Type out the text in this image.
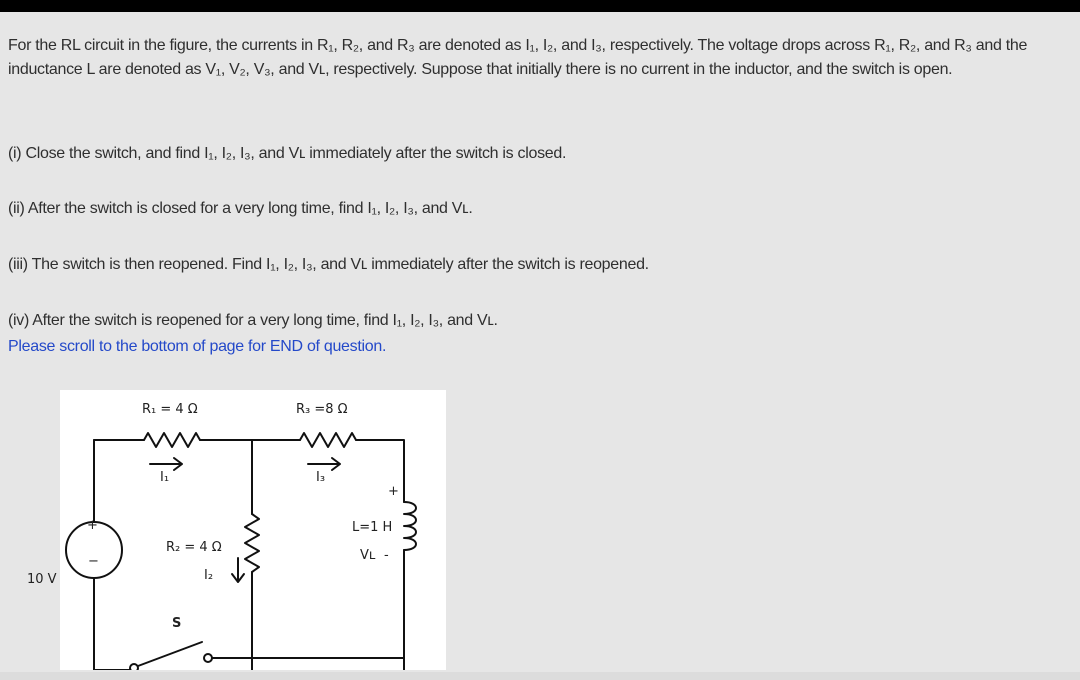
For the RL circuit in the figure, the currents in R₁, R₂, and R₃ are denoted as I₁, I₂, and I₃, respectively. The voltage drops across R₁, R₂, and R₃ and the inductance L are denoted as V₁, V₂, V₃, and Vʟ, respectively. Suppose that initially there is no current in the inductor, and the switch is open.
(i) Close the switch, and find I₁, I₂, I₃, and Vʟ immediately after the switch is closed.
(ii) After the switch is closed for a very long time, find I₁, I₂, I₃, and Vʟ.
(iii) The switch is then reopened. Find I₁, I₂, I₃, and Vʟ immediately after the switch is reopened.
(iv) After the switch is reopened for a very long time, find I₁, I₂, I₃, and Vʟ.
Please scroll to the bottom of page for END of question.
R₁ = 4 Ω	R₃ =8 Ω
I₁	I₃
R₂ = 4 Ω
I₂
+
−
10 V
+
L=1 H
Vʟ -
S
